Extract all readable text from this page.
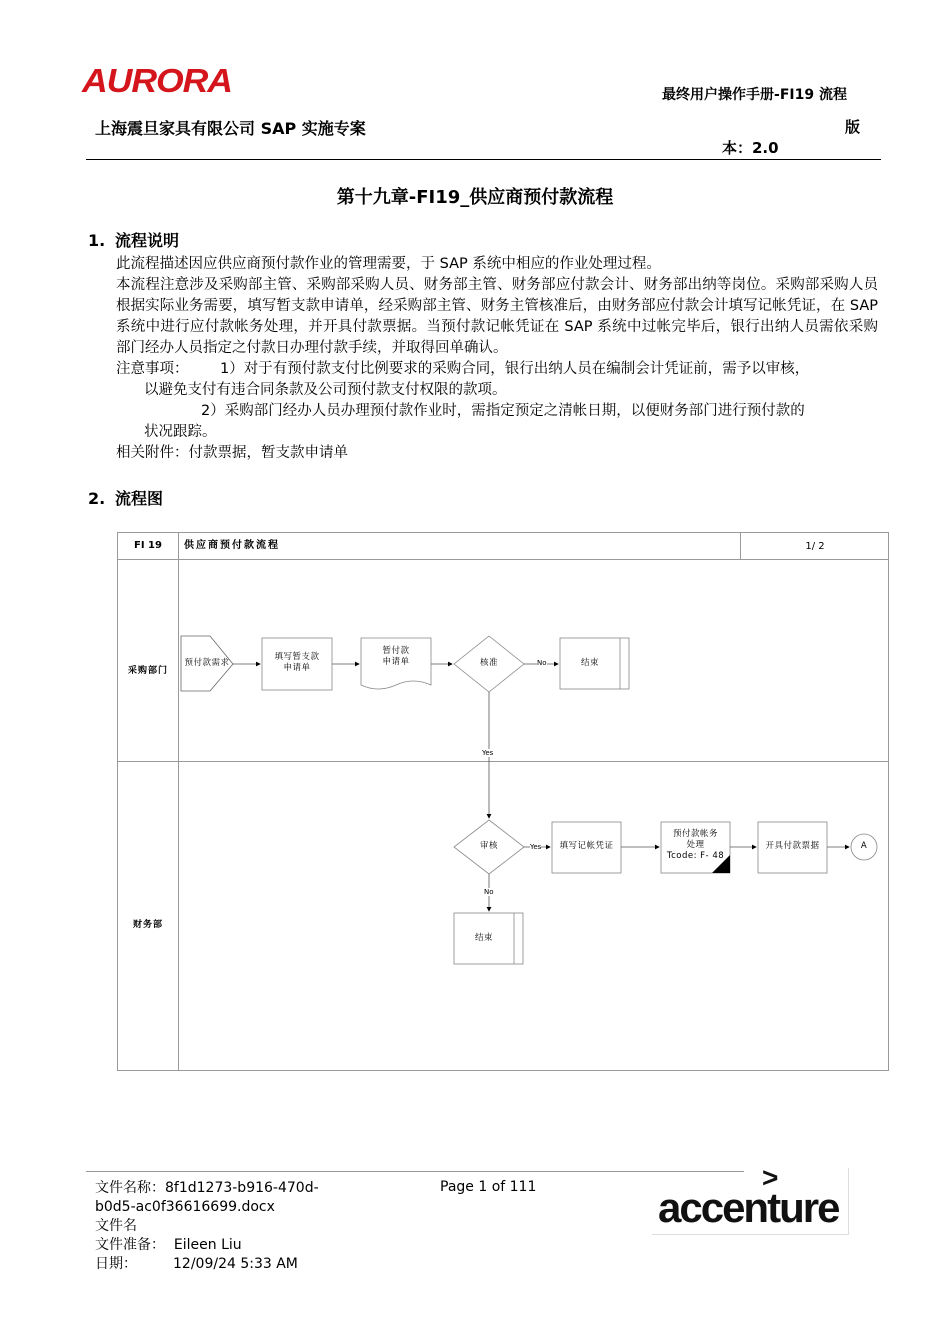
AURORA
上海震旦家具有限公司 SAP 实施专案
最终用户操作手册-FI19 流程
版
本：2.0
第十九章-FI19_供应商预付款流程
1. 流程说明

此流程描述因应供应商预付款作业的管理需要，于 SAP 系统中相应的作业处理过程。

本流程注意涉及采购部主管、采购部采购人员、财务部主管、财务部应付款会计、财务部出纳等岗位。采购部采购人员根据实际业务需要，填写暂支款申请单，经采购部主管、财务主管核准后，由财务部应付款会计填写记帐凭证，在 SAP 系统中进行应付款帐务处理，并开具付款票据。当预付款记帐凭证在 SAP 系统中过帐完毕后，银行出纳人员需依采购部门经办人员指定之付款日办理付款手续，并取得回单确认。

注意事项： 1）对于有预付款支付比例要求的采购合同，银行出纳人员在编制会计凭证前，需予以审核，

以避免支付有违合同条款及公司预付款支付权限的款项。

2）采购部门经办人员办理预付款作业时，需指定预定之清帐日期，以便财务部门进行预付款的

状况跟踪。

相关附件：付款票据，暂支款申请单

2. 流程图
FI 19	供应商预付款流程	1/ 2
采购部门
财务部
预付款需求
填写暂支款
申请单
暂付款
申请单	核准	结束
审核	填写记帐凭证
预付款帐务
处理
Tcode: F- 48
开具付款票据	A
结束
No
Yes
Yes
No

文件名称：8f1d1273-b916-470d-

b0d5-ac0f36616699.docx

文件名

文件准备： Eileen Liu

日期：	12/09/24 5:33 AM

Page 1 of 111	>
accenture
